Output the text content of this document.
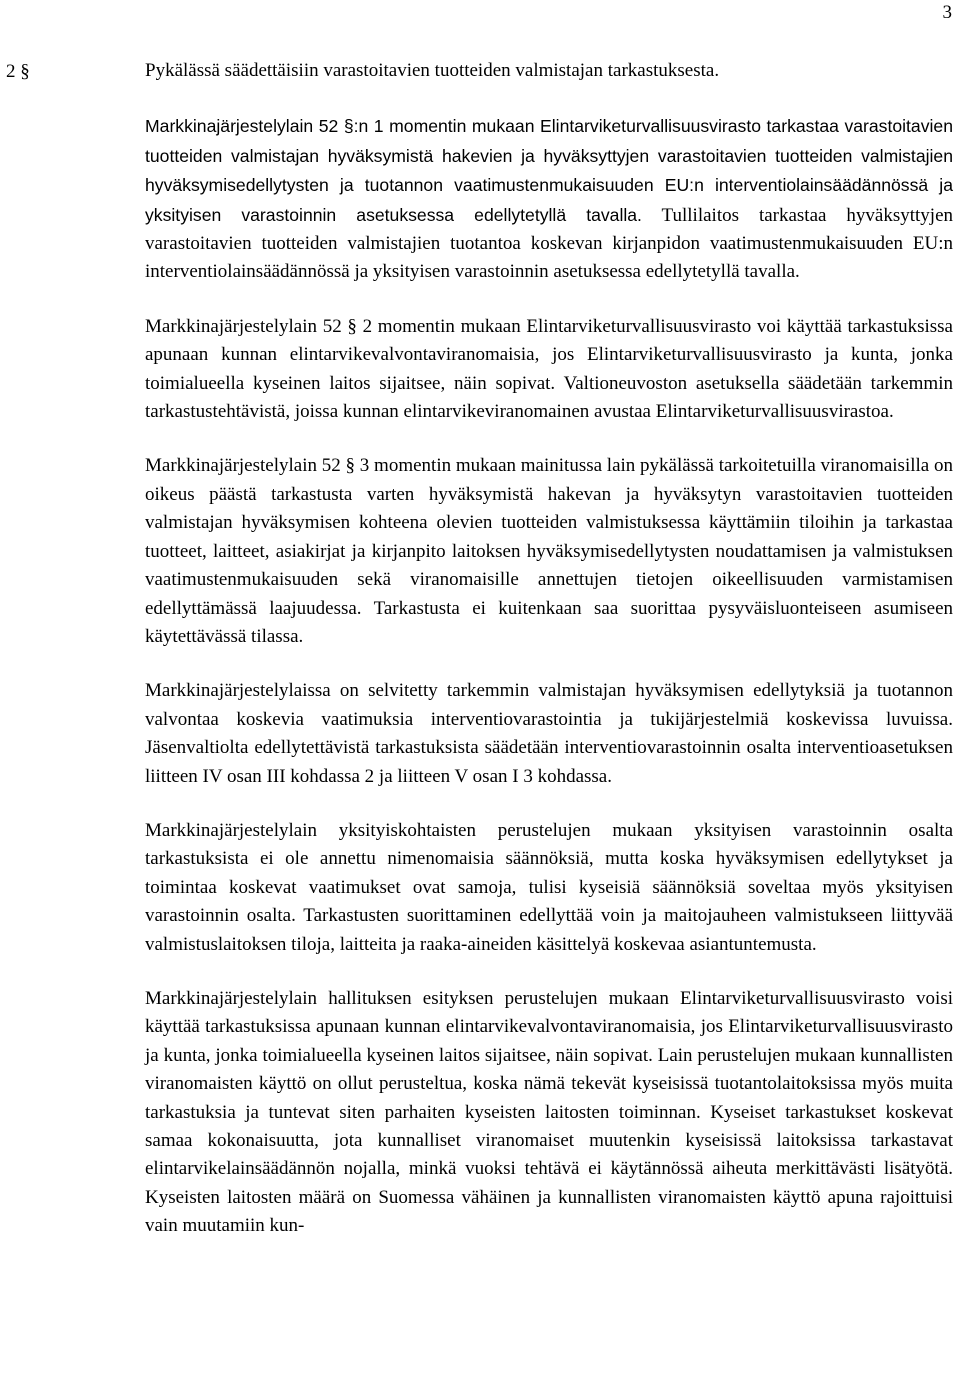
3
2 §	Pykälässä säädettäisiin varastoitavien tuotteiden valmistajan tarkastuksesta.

Markkinajärjestelylain 52 §:n 1 momentin mukaan Elintarviketurvallisuusvirasto tarkastaa varastoitavien tuotteiden valmistajan hyväksymistä hakevien ja hyväksyttyjen varastoitavien tuotteiden valmistajien hyväksymisedellytysten ja tuotannon vaatimustenmukaisuuden EU:n interventiolainsäädännössä ja yksityisen varastoinnin asetuksessa edellytetyllä tavalla. Tullilaitos tarkastaa hyväksyttyjen varastoitavien tuotteiden valmistajien tuotantoa koskevan kirjanpidon vaatimustenmukaisuuden EU:n interventiolainsäädännössä ja yksityisen varastoinnin asetuksessa edellytetyllä tavalla.

Markkinajärjestelylain 52 § 2 momentin mukaan Elintarviketurvallisuusvirasto voi käyttää tarkastuksissa apunaan kunnan elintarvikevalvontaviranomaisia, jos Elintarviketurvallisuusvirasto ja kunta, jonka toimialueella kyseinen laitos sijaitsee, näin sopivat. Valtioneuvoston asetuksella säädetään tarkemmin tarkastustehtävistä, joissa kunnan elintarvikeviranomainen avustaa Elintarviketurvallisuusvirastoa.

Markkinajärjestelylain 52 § 3 momentin mukaan mainitussa lain pykälässä tarkoitetuilla viranomaisilla on oikeus päästä tarkastusta varten hyväksymistä hakevan ja hyväksytyn varastoitavien tuotteiden valmistajan hyväksymisen kohteena olevien tuotteiden valmistuksessa käyttämiin tiloihin ja tarkastaa tuotteet, laitteet, asiakirjat ja kirjanpito laitoksen hyväksymisedellytysten noudattamisen ja valmistuksen vaatimustenmukaisuuden sekä viranomaisille annettujen tietojen oikeellisuuden varmistamisen edellyttämässä laajuudessa. Tarkastusta ei kuitenkaan saa suorittaa pysyväisluonteiseen asumiseen käytettävässä tilassa.

Markkinajärjestelylaissa on selvitetty tarkemmin valmistajan hyväksymisen edellytyksiä ja tuotannon valvontaa koskevia vaatimuksia interventiovarastointia ja tukijärjestelmiä koskevissa luvuissa. Jäsenvaltiolta edellytettävistä tarkastuksista säädetään interventiovarastoinnin osalta interventioasetuksen liitteen IV osan III kohdassa 2 ja liitteen V osan I 3 kohdassa.

Markkinajärjestelylain yksityiskohtaisten perustelujen mukaan yksityisen varastoinnin osalta tarkastuksista ei ole annettu nimenomaisia säännöksiä, mutta koska hyväksymisen edellytykset ja toimintaa koskevat vaatimukset ovat samoja, tulisi kyseisiä säännöksiä soveltaa myös yksityisen varastoinnin osalta. Tarkastusten suorittaminen edellyttää voin ja maitojauheen valmistukseen liittyvää valmistuslaitoksen tiloja, laitteita ja raaka-aineiden käsittelyä koskevaa asiantuntemusta.

Markkinajärjestelylain hallituksen esityksen perustelujen mukaan Elintarviketurvallisuusvirasto voisi käyttää tarkastuksissa apunaan kunnan elintarvikevalvontaviranomaisia, jos Elintarviketurvallisuusvirasto ja kunta, jonka toimialueella kyseinen laitos sijaitsee, näin sopivat. Lain perustelujen mukaan kunnallisten viranomaisten käyttö on ollut perusteltua, koska nämä tekevät kyseisissä tuotantolaitoksissa myös muita tarkastuksia ja tuntevat siten parhaiten kyseisten laitosten toiminnan. Kyseiset tarkastukset koskevat samaa kokonaisuutta, jota kunnalliset viranomaiset muutenkin kyseisissä laitoksissa tarkastavat elintarvikelainsäädännön nojalla, minkä vuoksi tehtävä ei käytännössä aiheuta merkittävästi lisätyötä. Kyseisten laitosten määrä on Suomessa vähäinen ja kunnallisten viranomaisten käyttö apuna rajoittuisi vain muutamiin kun-
